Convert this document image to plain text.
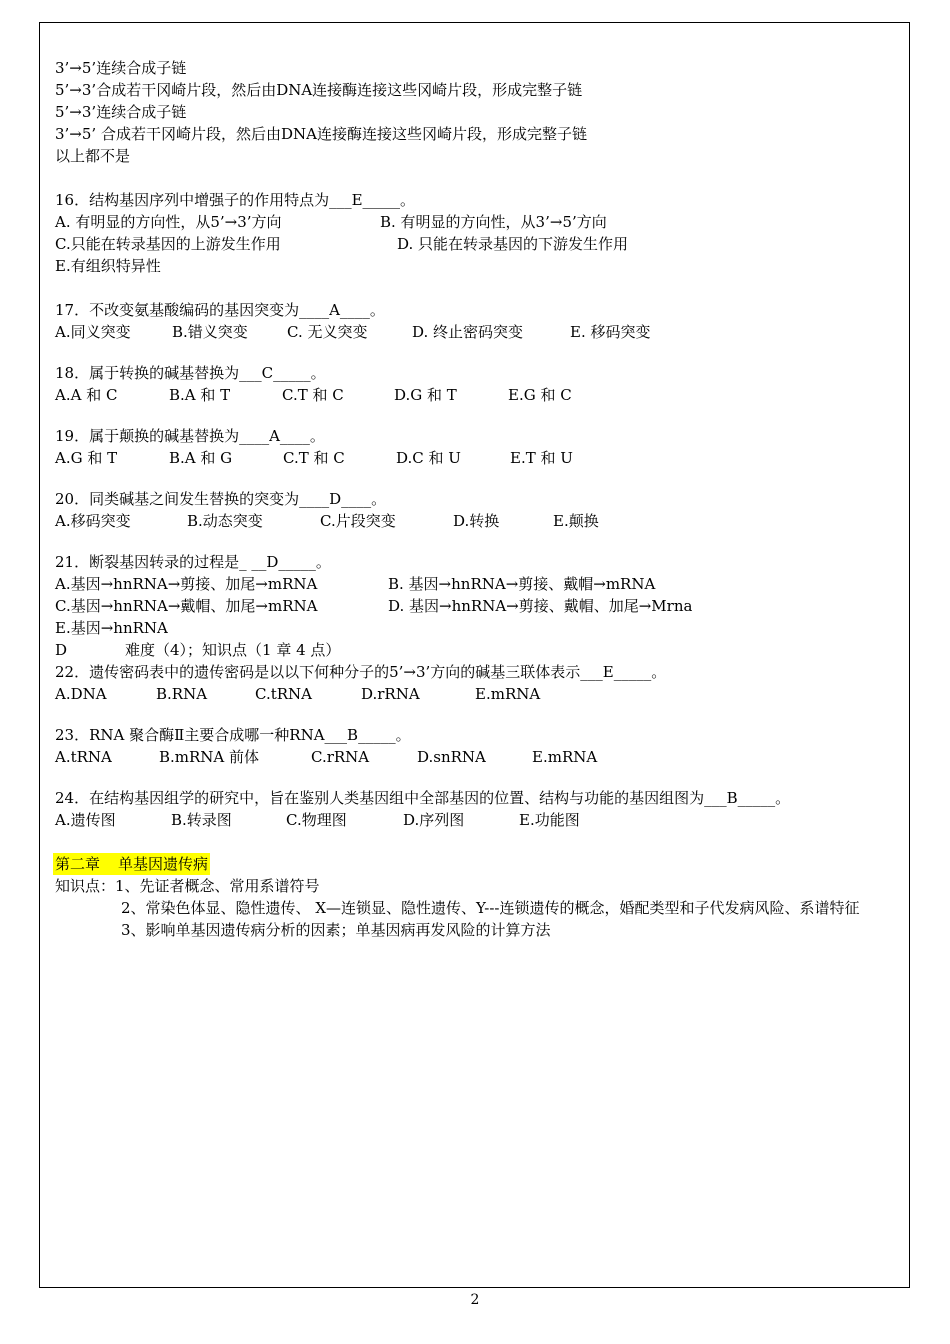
3’→5’连续合成子链
5’→3’合成若干冈崎片段，然后由DNA连接酶连接这些冈崎片段，形成完整子链
5’→3’连续合成子链
3’→5’ 合成若干冈崎片段，然后由DNA连接酶连接这些冈崎片段，形成完整子链
以上都不是
16．结构基因序列中增强子的作用特点为___E_____。
A. 有明显的方向性，从5’→3’方向	B. 有明显的方向性，从3’→5’方向
C.只能在转录基因的上游发生作用	D. 只能在转录基因的下游发生作用
E.有组织特异性
17．不改变氨基酸编码的基因突变为____A____。
A.同义突变	B.错义突变	C. 无义突变	D. 终止密码突变	E. 移码突变
18．属于转换的碱基替换为___C_____。
A.A 和 C	B.A 和 T	C.T 和 C	D.G 和 T	E.G 和 C
19．属于颠换的碱基替换为____A____。
A.G 和 T	B.A 和 G	C.T 和 C	D.C 和 U	E.T 和 U
20．同类碱基之间发生替换的突变为____D____。
A.移码突变	B.动态突变	C.片段突变	D.转换	E.颠换
21．断裂基因转录的过程是_ __D_____。
A.基因→hnRNA→剪接、加尾→mRNA	B. 基因→hnRNA→剪接、戴帽→mRNA
C.基因→hnRNA→戴帽、加尾→mRNA	D. 基因→hnRNA→剪接、戴帽、加尾→Mrna
E.基因→hnRNA
D	难度（4）；知识点（1 章 4 点）
22．遗传密码表中的遗传密码是以以下何种分子的5’→3’方向的碱基三联体表示___E_____。
A.DNA	B.RNA	C.tRNA	D.rRNA	E.mRNA
23．RNA 聚合酶Ⅱ主要合成哪一种RNA___B_____。
A.tRNA	B.mRNA 前体	C.rRNA	D.snRNA	E.mRNA
24．在结构基因组学的研究中，旨在鉴别人类基因组中全部基因的位置、结构与功能的基因组图为___B_____。
A.遗传图	B.转录图	C.物理图	D.序列图	E.功能图
第二章 单基因遗传病
知识点：1、先证者概念、常用系谱符号
2、常染色体显、隐性遗传、 X—连锁显、隐性遗传、Y---连锁遗传的概念，婚配类型和子代发病风险、系谱特征
3、影响单基因遗传病分析的因素；单基因病再发风险的计算方法
2
